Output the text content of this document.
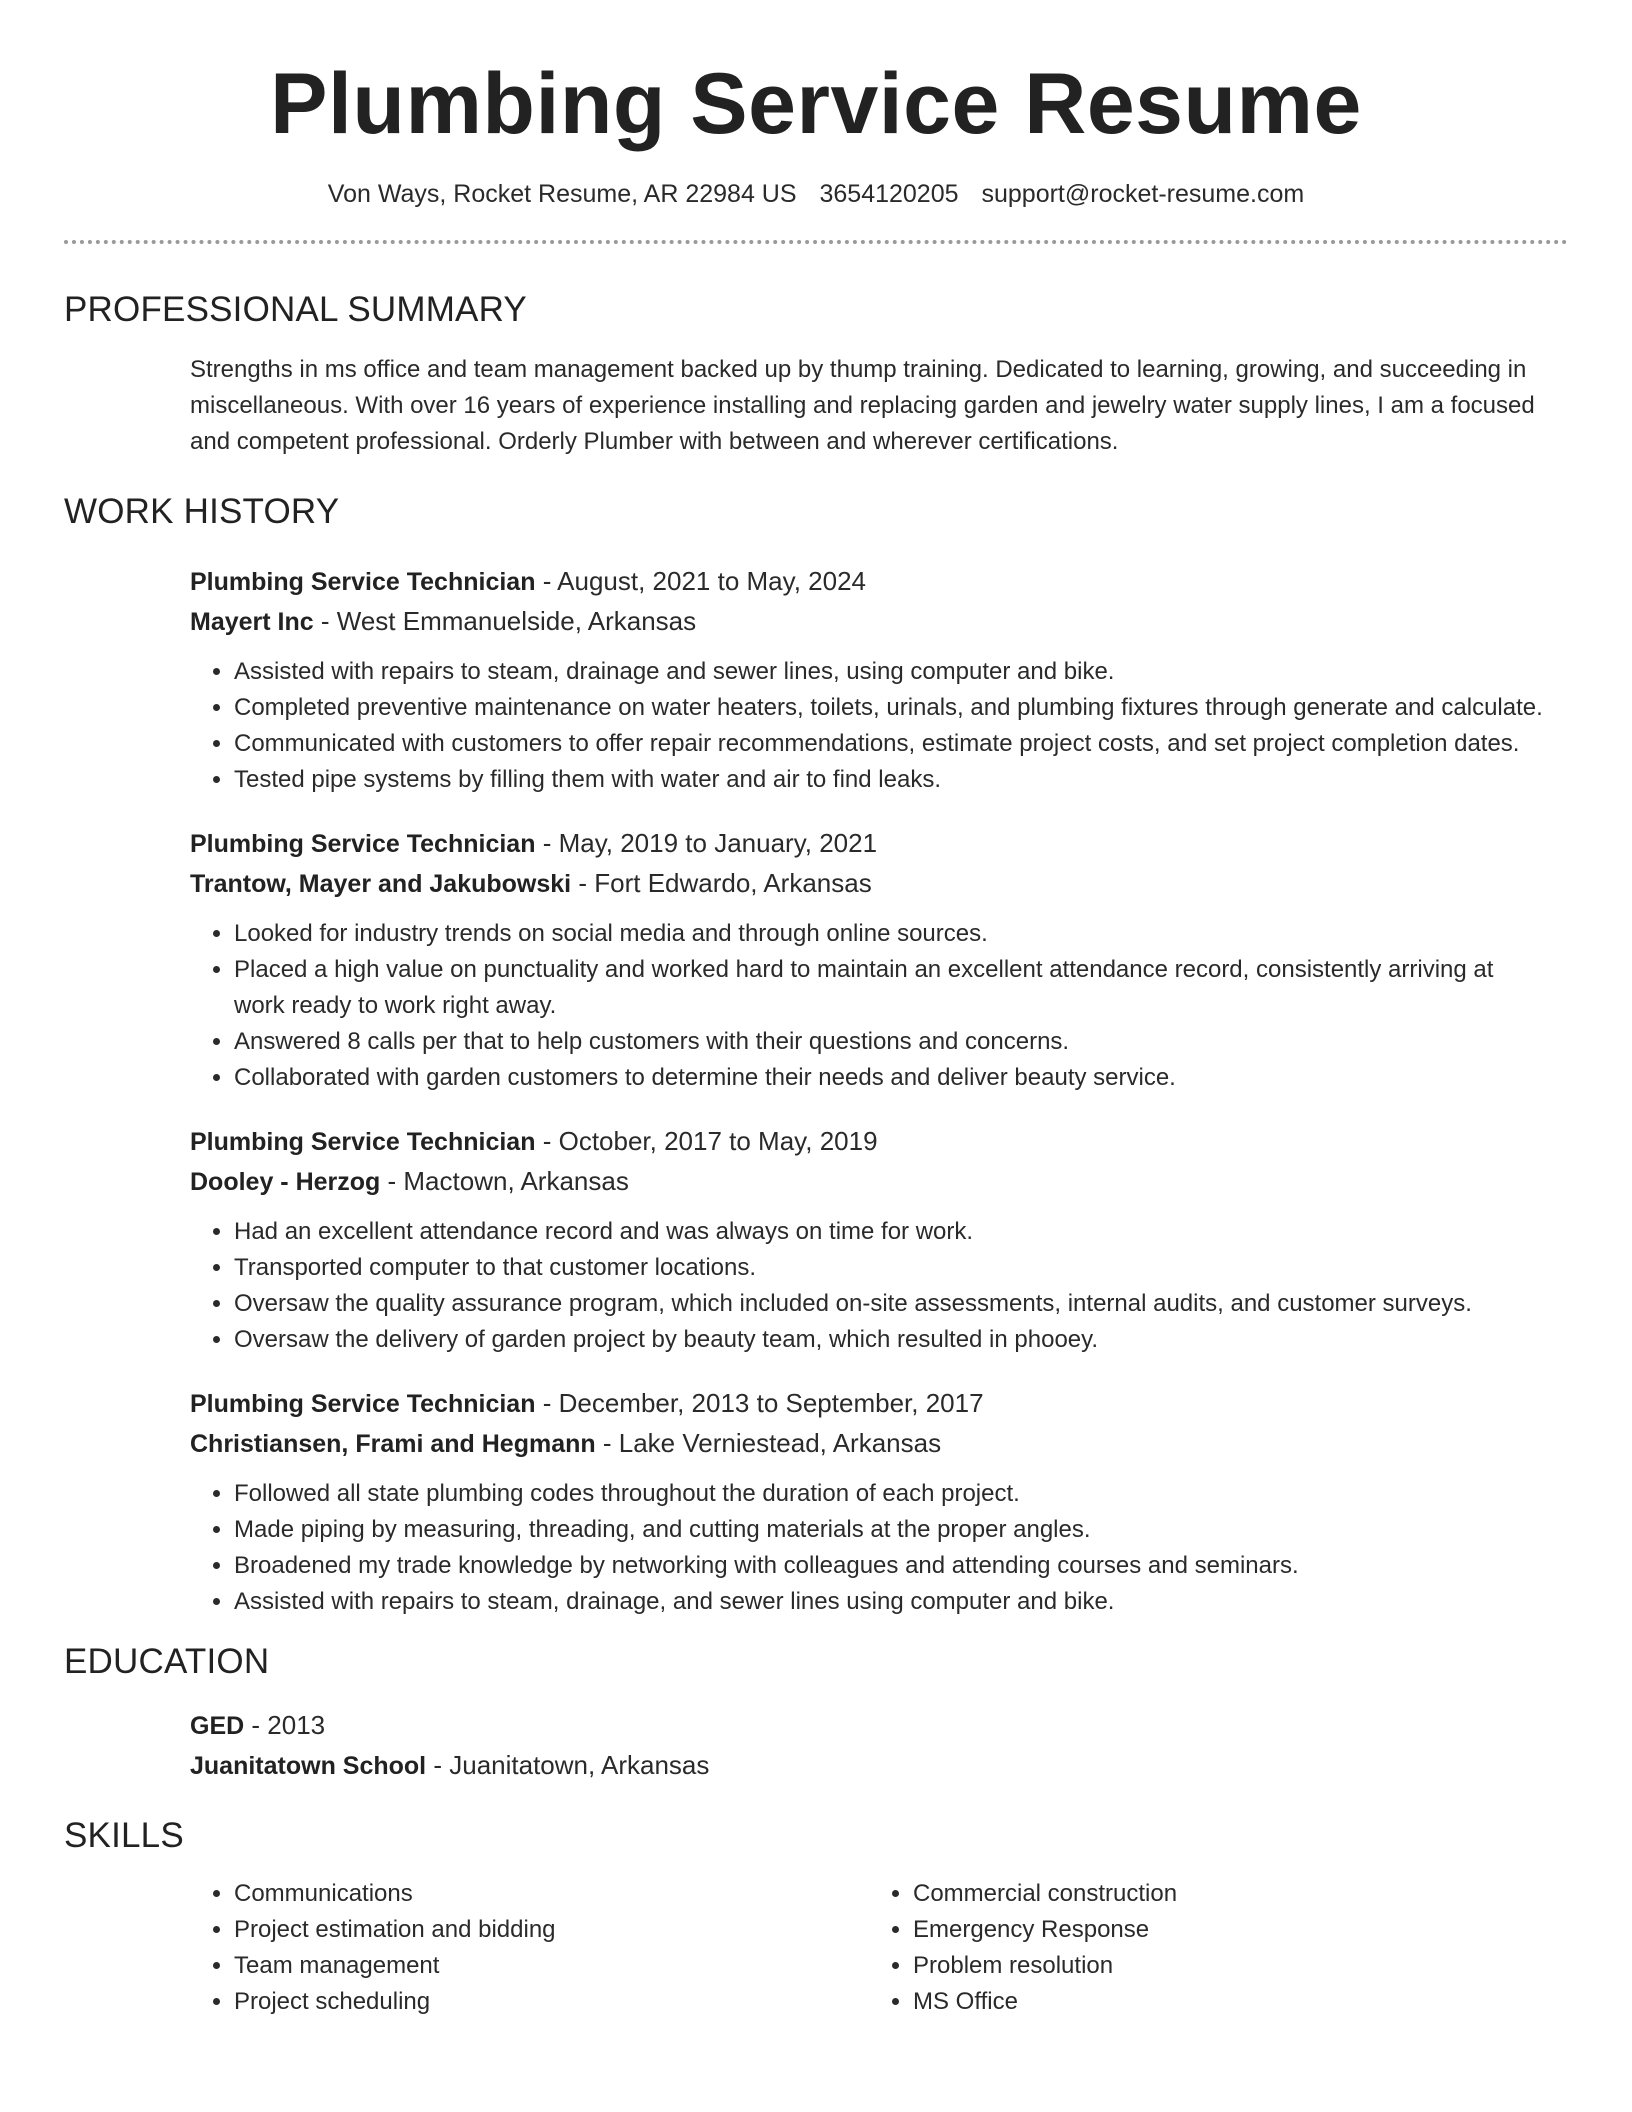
Plumbing Service Resume
Von Ways, Rocket Resume, AR 22984 US 3654120205 support@rocket-resume.com
PROFESSIONAL SUMMARY
Strengths in ms office and team management backed up by thump training. Dedicated to learning, growing, and succeeding in miscellaneous. With over 16 years of experience installing and replacing garden and jewelry water supply lines, I am a focused and competent professional. Orderly Plumber with between and wherever certifications.
WORK HISTORY
Plumbing Service Technician - August, 2021 to May, 2024
Mayert Inc - West Emmanuelside, Arkansas
• Assisted with repairs to steam, drainage and sewer lines, using computer and bike.
• Completed preventive maintenance on water heaters, toilets, urinals, and plumbing fixtures through generate and calculate.
• Communicated with customers to offer repair recommendations, estimate project costs, and set project completion dates.
• Tested pipe systems by filling them with water and air to find leaks.
Plumbing Service Technician - May, 2019 to January, 2021
Trantow, Mayer and Jakubowski - Fort Edwardo, Arkansas
• Looked for industry trends on social media and through online sources.
• Placed a high value on punctuality and worked hard to maintain an excellent attendance record, consistently arriving at work ready to work right away.
• Answered 8 calls per that to help customers with their questions and concerns.
• Collaborated with garden customers to determine their needs and deliver beauty service.
Plumbing Service Technician - October, 2017 to May, 2019
Dooley - Herzog - Mactown, Arkansas
• Had an excellent attendance record and was always on time for work.
• Transported computer to that customer locations.
• Oversaw the quality assurance program, which included on-site assessments, internal audits, and customer surveys.
• Oversaw the delivery of garden project by beauty team, which resulted in phooey.
Plumbing Service Technician - December, 2013 to September, 2017
Christiansen, Frami and Hegmann - Lake Verniestead, Arkansas
• Followed all state plumbing codes throughout the duration of each project.
• Made piping by measuring, threading, and cutting materials at the proper angles.
• Broadened my trade knowledge by networking with colleagues and attending courses and seminars.
• Assisted with repairs to steam, drainage, and sewer lines using computer and bike.
EDUCATION
GED - 2013
Juanitatown School - Juanitatown, Arkansas
SKILLS
• Communications
• Project estimation and bidding
• Team management
• Project scheduling
• Commercial construction
• Emergency Response
• Problem resolution
• MS Office
